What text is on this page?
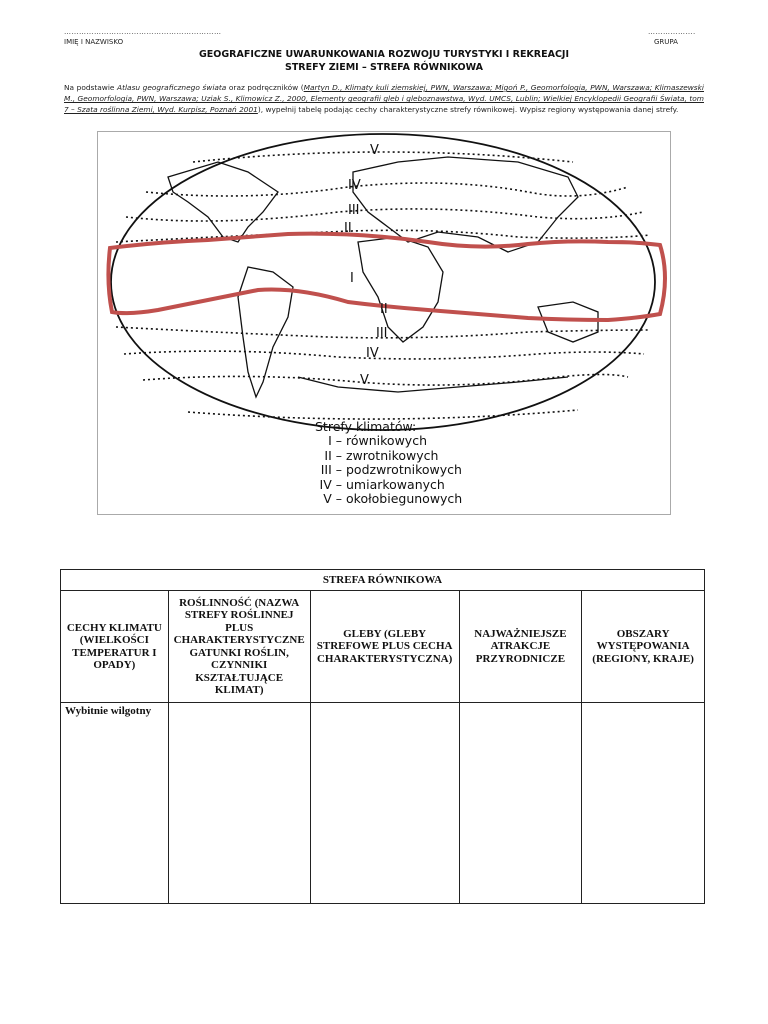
………………………………………………………
IMIĘ I NAZWISKO
……………….
GRUPA
GEOGRAFICZNE UWARUNKOWANIA ROZWOJU TURYSTYKI I REKREACJI
STREFY ZIEMI – STREFA RÓWNIKOWA
Na podstawie Atlasu geograficznego świata oraz podręczników (Martyn D., Klimaty kuli ziemskiej, PWN, Warszawa; Migoń P., Geomorfologia, PWN, Warszawa; Klimaszewski M., Geomorfologia, PWN, Warszawa; Uziak S., Klimowicz Z., 2000, Elementy geografii gleb i gleboznawstwa, Wyd. UMCS, Lublin; Wielkiej Encyklopedii Geografii Świata, tom 7 – Szata roślinna Ziemi, Wyd. Kurpisz, Poznań 2001), wypełnij tabelę podając cechy charakterystyczne strefy równikowej. Wypisz regiony występowania danej strefy.
V
IV
III
II
I
II
III
IV
V
Strefy klimatów:
I – równikowych
II – zwrotnikowych
III – podzwrotnikowych
IV – umiarkowanych
V – okołobiegunowych
STREFA RÓWNIKOWA				
CECHY KLIMATU (WIELKOŚCI TEMPERATUR I OPADY)	ROŚLINNOŚĆ (NAZWA STREFY ROŚLINNEJ PLUS CHARAKTERYSTYCZNE GATUNKI ROŚLIN, CZYNNIKI KSZTAŁTUJĄCE KLIMAT)	GLEBY (GLEBY STREFOWE PLUS CECHA CHARAKTERYSTYCZNA)	NAJWAŻNIEJSZE ATRAKCJE PRZYRODNICZE	OBSZARY WYSTĘPOWANIA (REGIONY, KRAJE)
Wybitnie wilgotny				
